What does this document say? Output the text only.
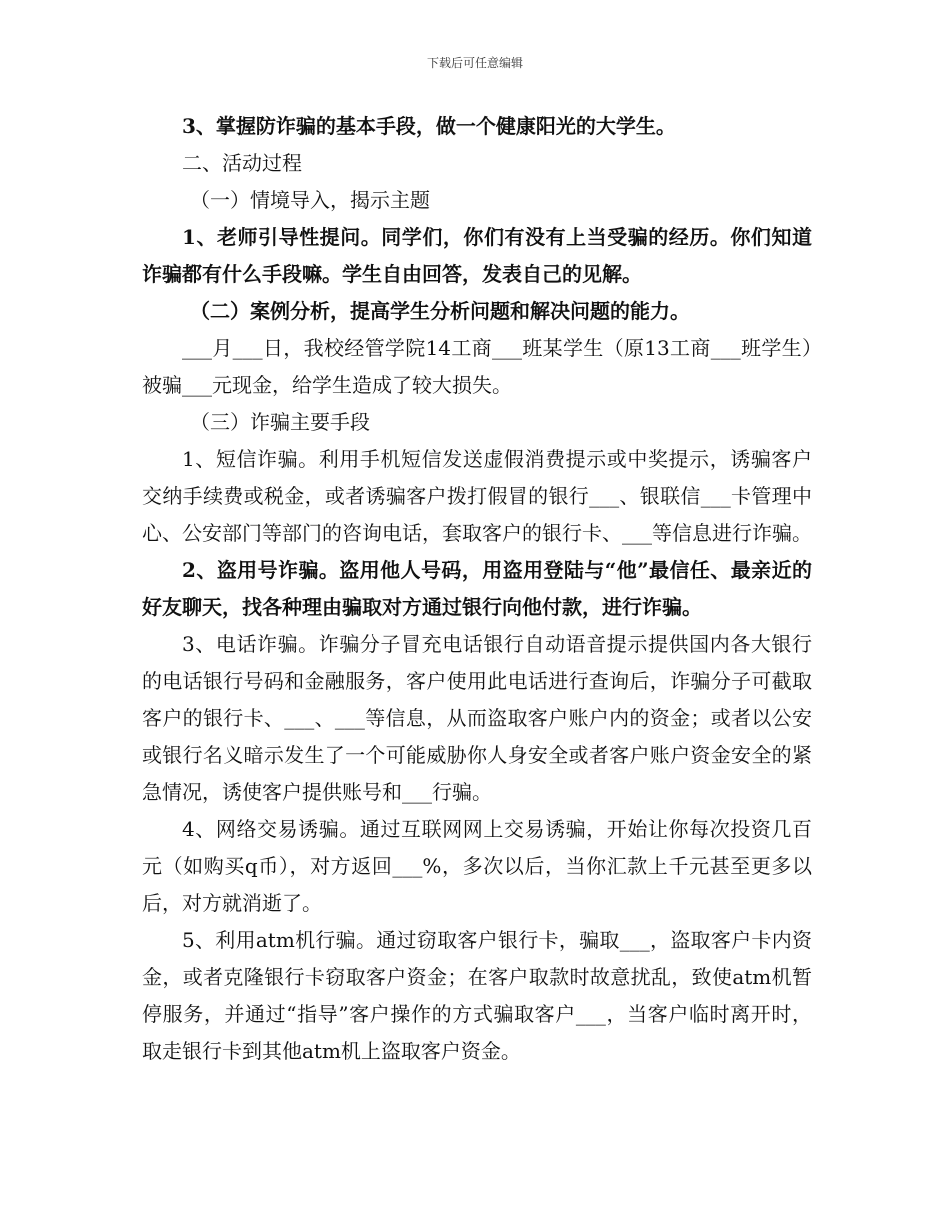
下载后可任意编辑

3、掌握防诈骗的基本手段，做一个健康阳光的大学生。

二、活动过程

（一）情境导入，揭示主题

1、老师引导性提问。同学们，你们有没有上当受骗的经历。你们知道诈骗都有什么手段嘛。学生自由回答，发表自己的见解。

（二）案例分析，提高学生分析问题和解决问题的能力。

___月___日，我校经管学院14工商___班某学生（原13工商___班学生）被骗___元现金，给学生造成了较大损失。

（三）诈骗主要手段

1、短信诈骗。利用手机短信发送虚假消费提示或中奖提示，诱骗客户交纳手续费或税金，或者诱骗客户拨打假冒的银行___、银联信___卡管理中心、公安部门等部门的咨询电话，套取客户的银行卡、___等信息进行诈骗。

2、盗用号诈骗。盗用他人号码，用盗用登陆与“他”最信任、最亲近的好友聊天，找各种理由骗取对方通过银行向他付款，进行诈骗。

3、电话诈骗。诈骗分子冒充电话银行自动语音提示提供国内各大银行的电话银行号码和金融服务，客户使用此电话进行查询后，诈骗分子可截取客户的银行卡、___、___等信息，从而盗取客户账户内的资金；或者以公安或银行名义暗示发生了一个可能威胁你人身安全或者客户账户资金安全的紧急情况，诱使客户提供账号和___行骗。

4、网络交易诱骗。通过互联网网上交易诱骗，开始让你每次投资几百元（如购买q币），对方返回___%，多次以后，当你汇款上千元甚至更多以后，对方就消逝了。

5、利用atm机行骗。通过窃取客户银行卡，骗取___，盗取客户卡内资金，或者克隆银行卡窃取客户资金；在客户取款时故意扰乱，致使atm机暂停服务，并通过“指导”客户操作的方式骗取客户___，当客户临时离开时，取走银行卡到其他atm机上盗取客户资金。
